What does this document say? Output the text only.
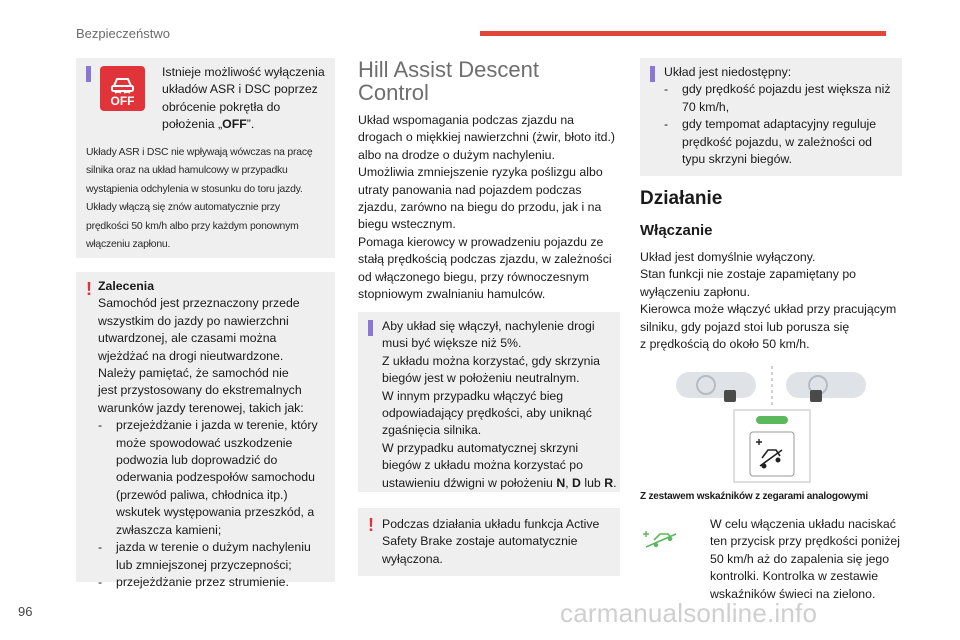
Bezpieczeństwo
96	carmanualsonline.info
OFF
Istnieje możliwość wyłączenia
układów ASR i DSC poprzez
obrócenie pokrętła do
położenia „OFF”.
Układy ASR i DSC nie wpływają wówczas na pracę
silnika oraz na układ hamulcowy w przypadku
wystąpienia odchylenia w stosunku do toru jazdy.
Układy włączą się znów automatycznie przy
prędkości 50 km/h albo przy każdym ponownym
włączeniu zapłonu.
! Zalecenia
Samochód jest przeznaczony przede
wszystkim do jazdy po nawierzchni
utwardzonej, ale czasami można
wjeżdżać na drogi nieutwardzone.
Należy pamiętać, że samochód nie
jest przystosowany do ekstremalnych
warunków jazdy terenowej, takich jak:
- przejeżdżanie i jazda w terenie, który
może spowodować uszkodzenie
podwozia lub doprowadzić do
oderwania podzespołów samochodu
(przewód paliwa, chłodnica itp.)
wskutek występowania przeszkód, a
zwłaszcza kamieni;
- jazda w terenie o dużym nachyleniu
lub zmniejszonej przyczepności;
- przejeżdżanie przez strumienie.
Hill Assist Descent
Control
Układ wspomagania podczas zjazdu na
drogach o miękkiej nawierzchni (żwir, błoto itd.)
albo na drodze o dużym nachyleniu.
Umożliwia zmniejszenie ryzyka poślizgu albo
utraty panowania nad pojazdem podczas
zjazdu, zarówno na biegu do przodu, jak i na
biegu wstecznym.
Pomaga kierowcy w prowadzeniu pojazdu ze
stałą prędkością podczas zjazdu, w zależności
od włączonego biegu, przy równoczesnym
stopniowym zwalnianiu hamulców.
Aby układ się włączył, nachylenie drogi
musi być większe niż 5%.
Z układu można korzystać, gdy skrzynia
biegów jest w położeniu neutralnym.
W innym przypadku włączyć bieg
odpowiadający prędkości, aby uniknąć
zgaśnięcia silnika.
W przypadku automatycznej skrzyni
biegów z układu można korzystać po
ustawieniu dźwigni w położeniu N, D lub R.
! Podczas działania układu funkcja Active
Safety Brake zostaje automatycznie
wyłączona.
Układ jest niedostępny:
- gdy prędkość pojazdu jest większa niż
70 km/h,
- gdy tempomat adaptacyjny reguluje
prędkość pojazdu, w zależności od
typu skrzyni biegów.
Działanie
Włączanie
Układ jest domyślnie wyłączony.
Stan funkcji nie zostaje zapamiętany po
wyłączeniu zapłonu.
Kierowca może włączyć układ przy pracującym
silniku, gdy pojazd stoi lub porusza się
z prędkością do około 50 km/h.
Z zestawem wskaźników z zegarami analogowymi
W celu włączenia układu naciskać
ten przycisk przy prędkości poniżej
50 km/h aż do zapalenia się jego
kontrolki. Kontrolka w zestawie
wskaźników świeci na zielono.
